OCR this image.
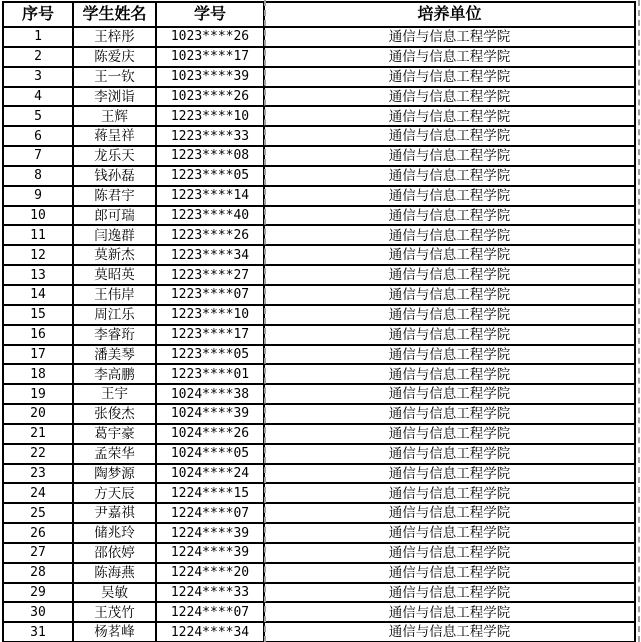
序号	学生姓名	学号	培养单位
1	王梓彤	1023****26	通信与信息工程学院
2	陈爱庆	1023****17	通信与信息工程学院
3	王一钦	1023****39	通信与信息工程学院
4	李浏诣	1023****26	通信与信息工程学院
5	王辉	1223****10	通信与信息工程学院
6	蒋呈祥	1223****33	通信与信息工程学院
7	龙乐天	1223****08	通信与信息工程学院
8	钱孙磊	1223****05	通信与信息工程学院
9	陈君宇	1223****14	通信与信息工程学院
10	郎可瑞	1223****40	通信与信息工程学院
11	闫逸群	1223****26	通信与信息工程学院
12	莫新杰	1223****34	通信与信息工程学院
13	莫昭英	1223****27	通信与信息工程学院
14	王伟岸	1223****07	通信与信息工程学院
15	周江乐	1223****10	通信与信息工程学院
16	李睿珩	1223****17	通信与信息工程学院
17	潘美琴	1223****05	通信与信息工程学院
18	李高鹏	1223****01	通信与信息工程学院
19	王宇	1024****38	通信与信息工程学院
20	张俊杰	1024****39	通信与信息工程学院
21	葛宇豪	1024****26	通信与信息工程学院
22	孟荣华	1024****05	通信与信息工程学院
23	陶梦源	1024****24	通信与信息工程学院
24	方天辰	1224****15	通信与信息工程学院
25	尹嘉祺	1224****07	通信与信息工程学院
26	储兆玲	1224****39	通信与信息工程学院
27	邵依婷	1224****39	通信与信息工程学院
28	陈海燕	1224****20	通信与信息工程学院
29	吴敏	1224****33	通信与信息工程学院
30	王茂竹	1224****07	通信与信息工程学院
31	杨茗峰	1224****34	通信与信息工程学院
